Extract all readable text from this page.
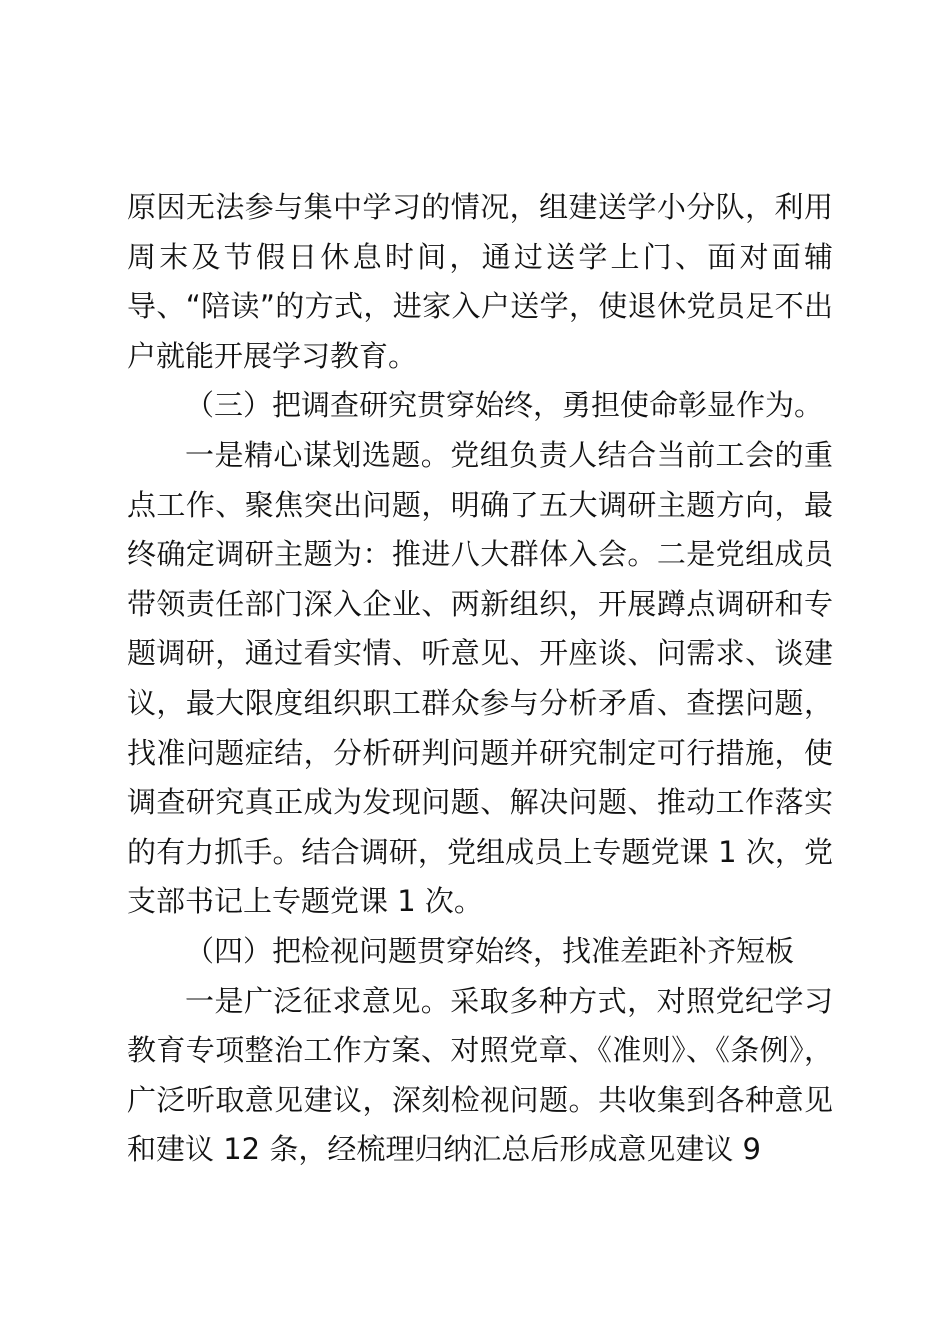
原因无法参与集中学习的情况，组建送学小分队，利用周末及节假日休息时间，通过送学上门、面对面辅导、“陪读”的方式，进家入户送学，使退休党员足不出户就能开展学习教育。

（三）把调查研究贯穿始终，勇担使命彰显作为。

一是精心谋划选题。党组负责人结合当前工会的重点工作、聚焦突出问题，明确了五大调研主题方向，最终确定调研主题为：推进八大群体入会。二是党组成员带领责任部门深入企业、两新组织，开展蹲点调研和专题调研，通过看实情、听意见、开座谈、问需求、谈建议，最大限度组织职工群众参与分析矛盾、查摆问题，找准问题症结，分析研判问题并研究制定可行措施，使调查研究真正成为发现问题、解决问题、推动工作落实的有力抓手。结合调研，党组成员上专题党课 1 次，党支部书记上专题党课 1 次。

（四）把检视问题贯穿始终，找准差距补齐短板

一是广泛征求意见。采取多种方式，对照党纪学习教育专项整治工作方案、对照党章、《准则》、《条例》，广泛听取意见建议，深刻检视问题。共收集到各种意见和建议 12 条，经梳理归纳汇总后形成意见建议 9
